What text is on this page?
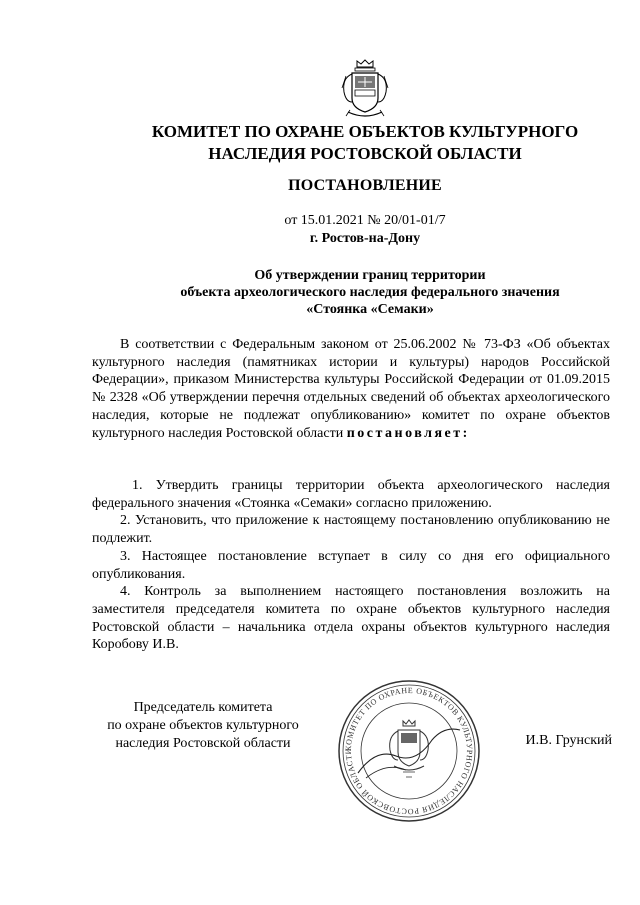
КОМИТЕТ ПО ОХРАНЕ ОБЪЕКТОВ КУЛЬТУРНОГО
НАСЛЕДИЯ РОСТОВСКОЙ ОБЛАСТИ
ПОСТАНОВЛЕНИЕ
от 15.01.2021 № 20/01-01/7
г. Ростов-на-Дону
Об утверждении границ территории
объекта археологического наследия федерального значения
«Стоянка «Семаки»
В соответствии с Федеральным законом от 25.06.2002 № 73-ФЗ «Об объектах культурного наследия (памятниках истории и культуры) народов Российской Федерации», приказом Министерства культуры Российской Федерации от 01.09.2015 № 2328 «Об утверждении перечня отдельных сведений об объектах археологического наследия, которые не подлежат опубликованию» комитет по охране объектов культурного наследия Ростовской области постановляет:
1. Утвердить границы территории объекта археологического наследия федерального значения «Стоянка «Семаки» согласно приложению.
2. Установить, что приложение к настоящему постановлению опубликованию не подлежит.
3. Настоящее постановление вступает в силу со дня его официального опубликования.
4. Контроль за выполнением настоящего постановления возложить на заместителя председателя комитета по охране объектов культурного наследия Ростовской области – начальника отдела охраны объектов культурного наследия Коробову И.В.
Председатель комитета
по охране объектов культурного
наследия Ростовской области	КОМИТЕТ ПО ОХРАНЕ ОБЪЕКТОВ КУЛЬТУРНОГО НАСЛЕДИЯ РОСТОВСКОЙ ОБЛАСТИ
И.В. Грунский
